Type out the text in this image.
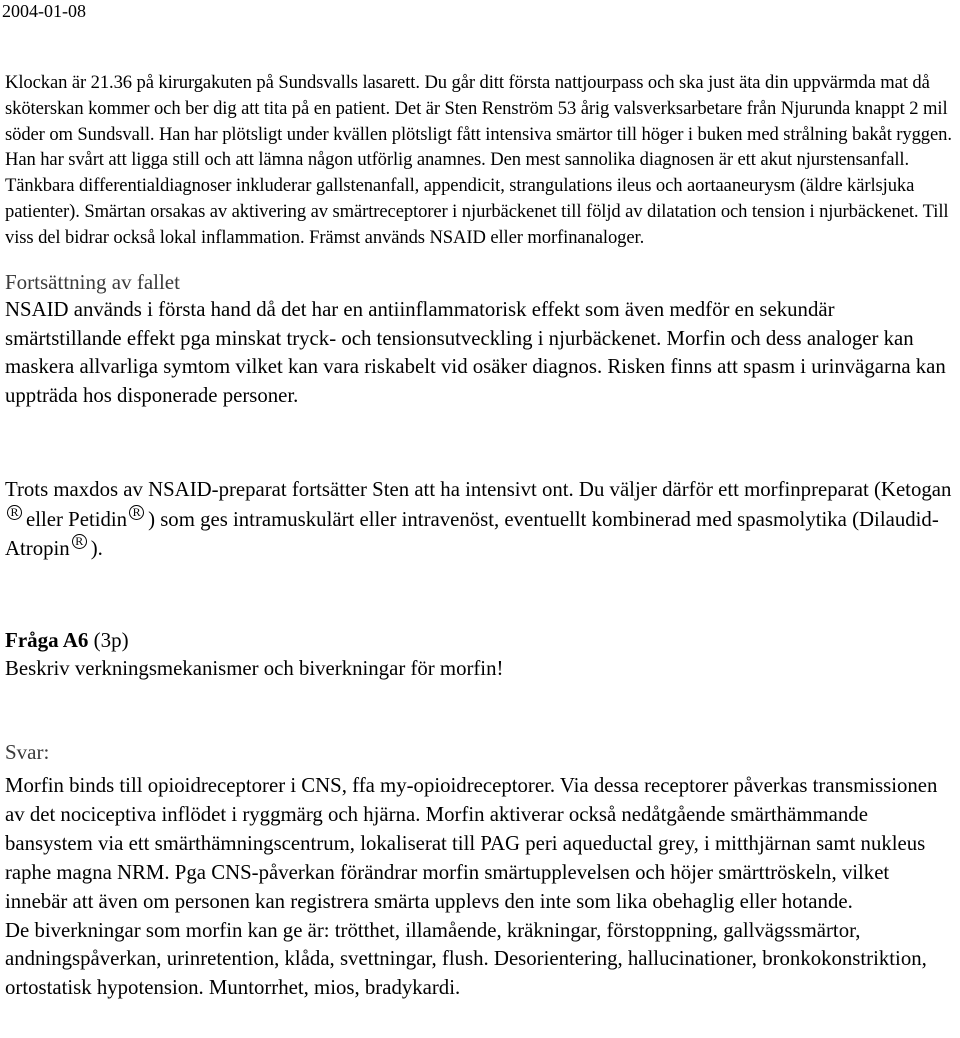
2004-01-08
Klockan är 21.36 på kirurgakuten på Sundsvalls lasarett. Du går ditt första nattjourpass och ska just äta din uppvärmda mat då sköterskan kommer och ber dig att tita på en patient. Det är Sten Renström 53 årig valsverksarbetare från Njurunda knappt 2 mil söder om Sundsvall. Han har plötsligt under kvällen plötsligt fått intensiva smärtor till höger i buken med strålning bakåt ryggen. Han har svårt att ligga still och att lämna någon utförlig anamnes. Den mest sannolika diagnosen är ett akut njurstensanfall. Tänkbara differentialdiagnoser inkluderar gallstenanfall, appendicit, strangulations ileus och aortaaneurysm (äldre kärlsjuka patienter). Smärtan orsakas av aktivering av smärtreceptorer i njurbäckenet till följd av dilatation och tension i njurbäckenet. Till viss del bidrar också lokal inflammation. Främst används NSAID eller morfinanaloger.
Fortsättning av fallet
NSAID används i första hand då det har en antiinflammatorisk effekt som även medför en sekundär smärtstillande effekt pga minskat tryck- och tensionsutveckling i njurbäckenet. Morfin och dess analoger kan maskera allvarliga symtom vilket kan vara riskabelt vid osäker diagnos. Risken finns att spasm i urinvägarna kan uppträda hos disponerade personer.
Trots maxdos av NSAID-preparat fortsätter Sten att ha intensivt ont. Du väljer därför ett morfinpreparat (KetoganR eller Petidin R ) som ges intramuskulärt eller intravenöst, eventuellt kombinerad med spasmolytika (Dilaudid-Atropin R ).
Fråga A6 (3p)
Beskriv verkningsmekanismer och biverkningar för morfin!
Svar:
Morfin binds till opioidreceptorer i CNS, ffa my-opioidreceptorer. Via dessa receptorer påverkas transmissionen av det nociceptiva inflödet i ryggmärg och hjärna. Morfin aktiverar också nedåtgående smärthämmande bansystem via ett smärthämningscentrum, lokaliserat till PAG peri aqueductal grey, i mitthjärnan samt nukleus raphe magna NRM. Pga CNS-påverkan förändrar morfin smärtupplevelsen och höjer smärttröskeln, vilket innebär att även om personen kan registrera smärta upplevs den inte som lika obehaglig eller hotande.
De biverkningar som morfin kan ge är: trötthet, illamående, kräkningar, förstoppning, gallvägssmärtor, andningspåverkan, urinretention, klåda, svettningar, flush. Desorientering, hallucinationer, bronkokonstriktion, ortostatisk hypotension. Muntorrhet, mios, bradykardi.
